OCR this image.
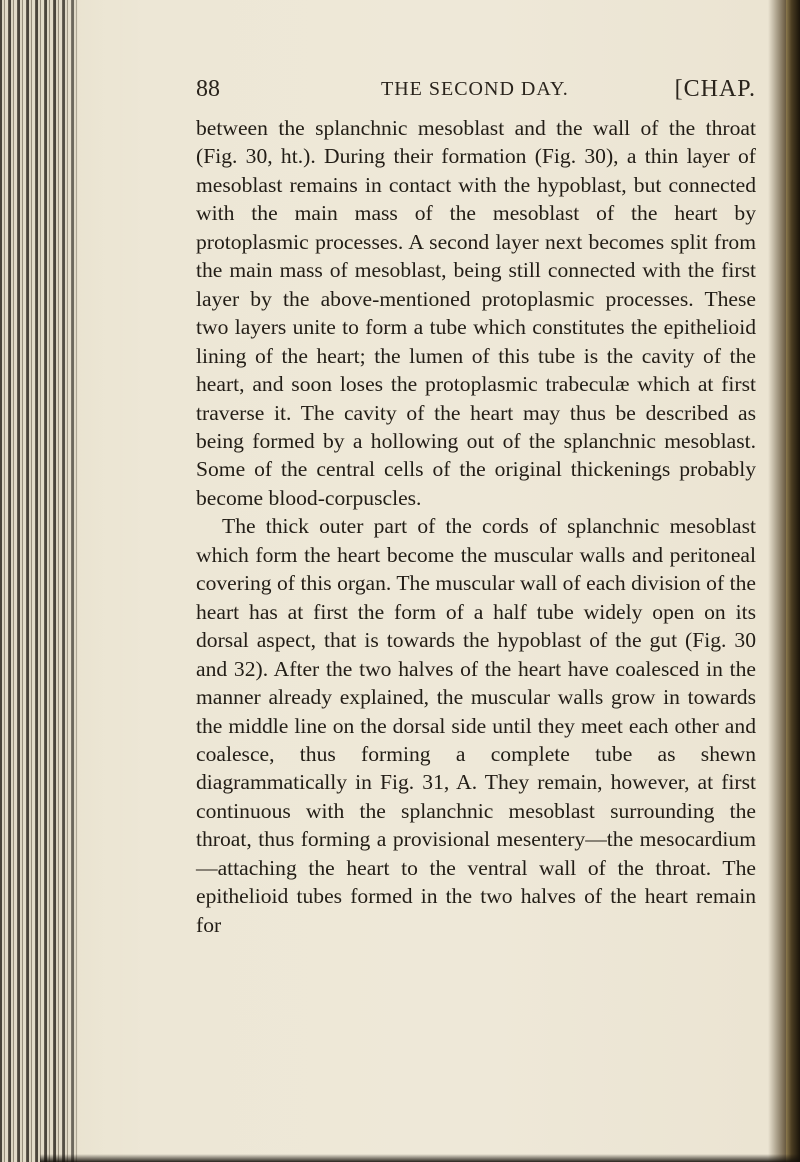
88	THE SECOND DAY.	[CHAP.

between the splanchnic mesoblast and the wall of the throat (Fig. 30, ht.). During their formation (Fig. 30), a thin layer of mesoblast remains in contact with the hypoblast, but connected with the main mass of the mesoblast of the heart by protoplasmic processes. A second layer next becomes split from the main mass of mesoblast, being still connected with the first layer by the above-mentioned protoplasmic processes. These two layers unite to form a tube which constitutes the epithelioid lining of the heart; the lumen of this tube is the cavity of the heart, and soon loses the protoplasmic trabeculæ which at first traverse it. The cavity of the heart may thus be described as being formed by a hollowing out of the splanchnic mesoblast. Some of the central cells of the original thickenings probably become blood-corpuscles.

The thick outer part of the cords of splanchnic mesoblast which form the heart become the muscular walls and peritoneal covering of this organ. The muscular wall of each division of the heart has at first the form of a half tube widely open on its dorsal aspect, that is towards the hypoblast of the gut (Fig. 30 and 32). After the two halves of the heart have coalesced in the manner already explained, the muscular walls grow in towards the middle line on the dorsal side until they meet each other and coalesce, thus forming a complete tube as shewn diagrammatically in Fig. 31, A. They remain, however, at first continuous with the splanchnic mesoblast surrounding the throat, thus forming a provisional mesentery—the mesocardium—attaching the heart to the ventral wall of the throat. The epithelioid tubes formed in the two halves of the heart remain for
